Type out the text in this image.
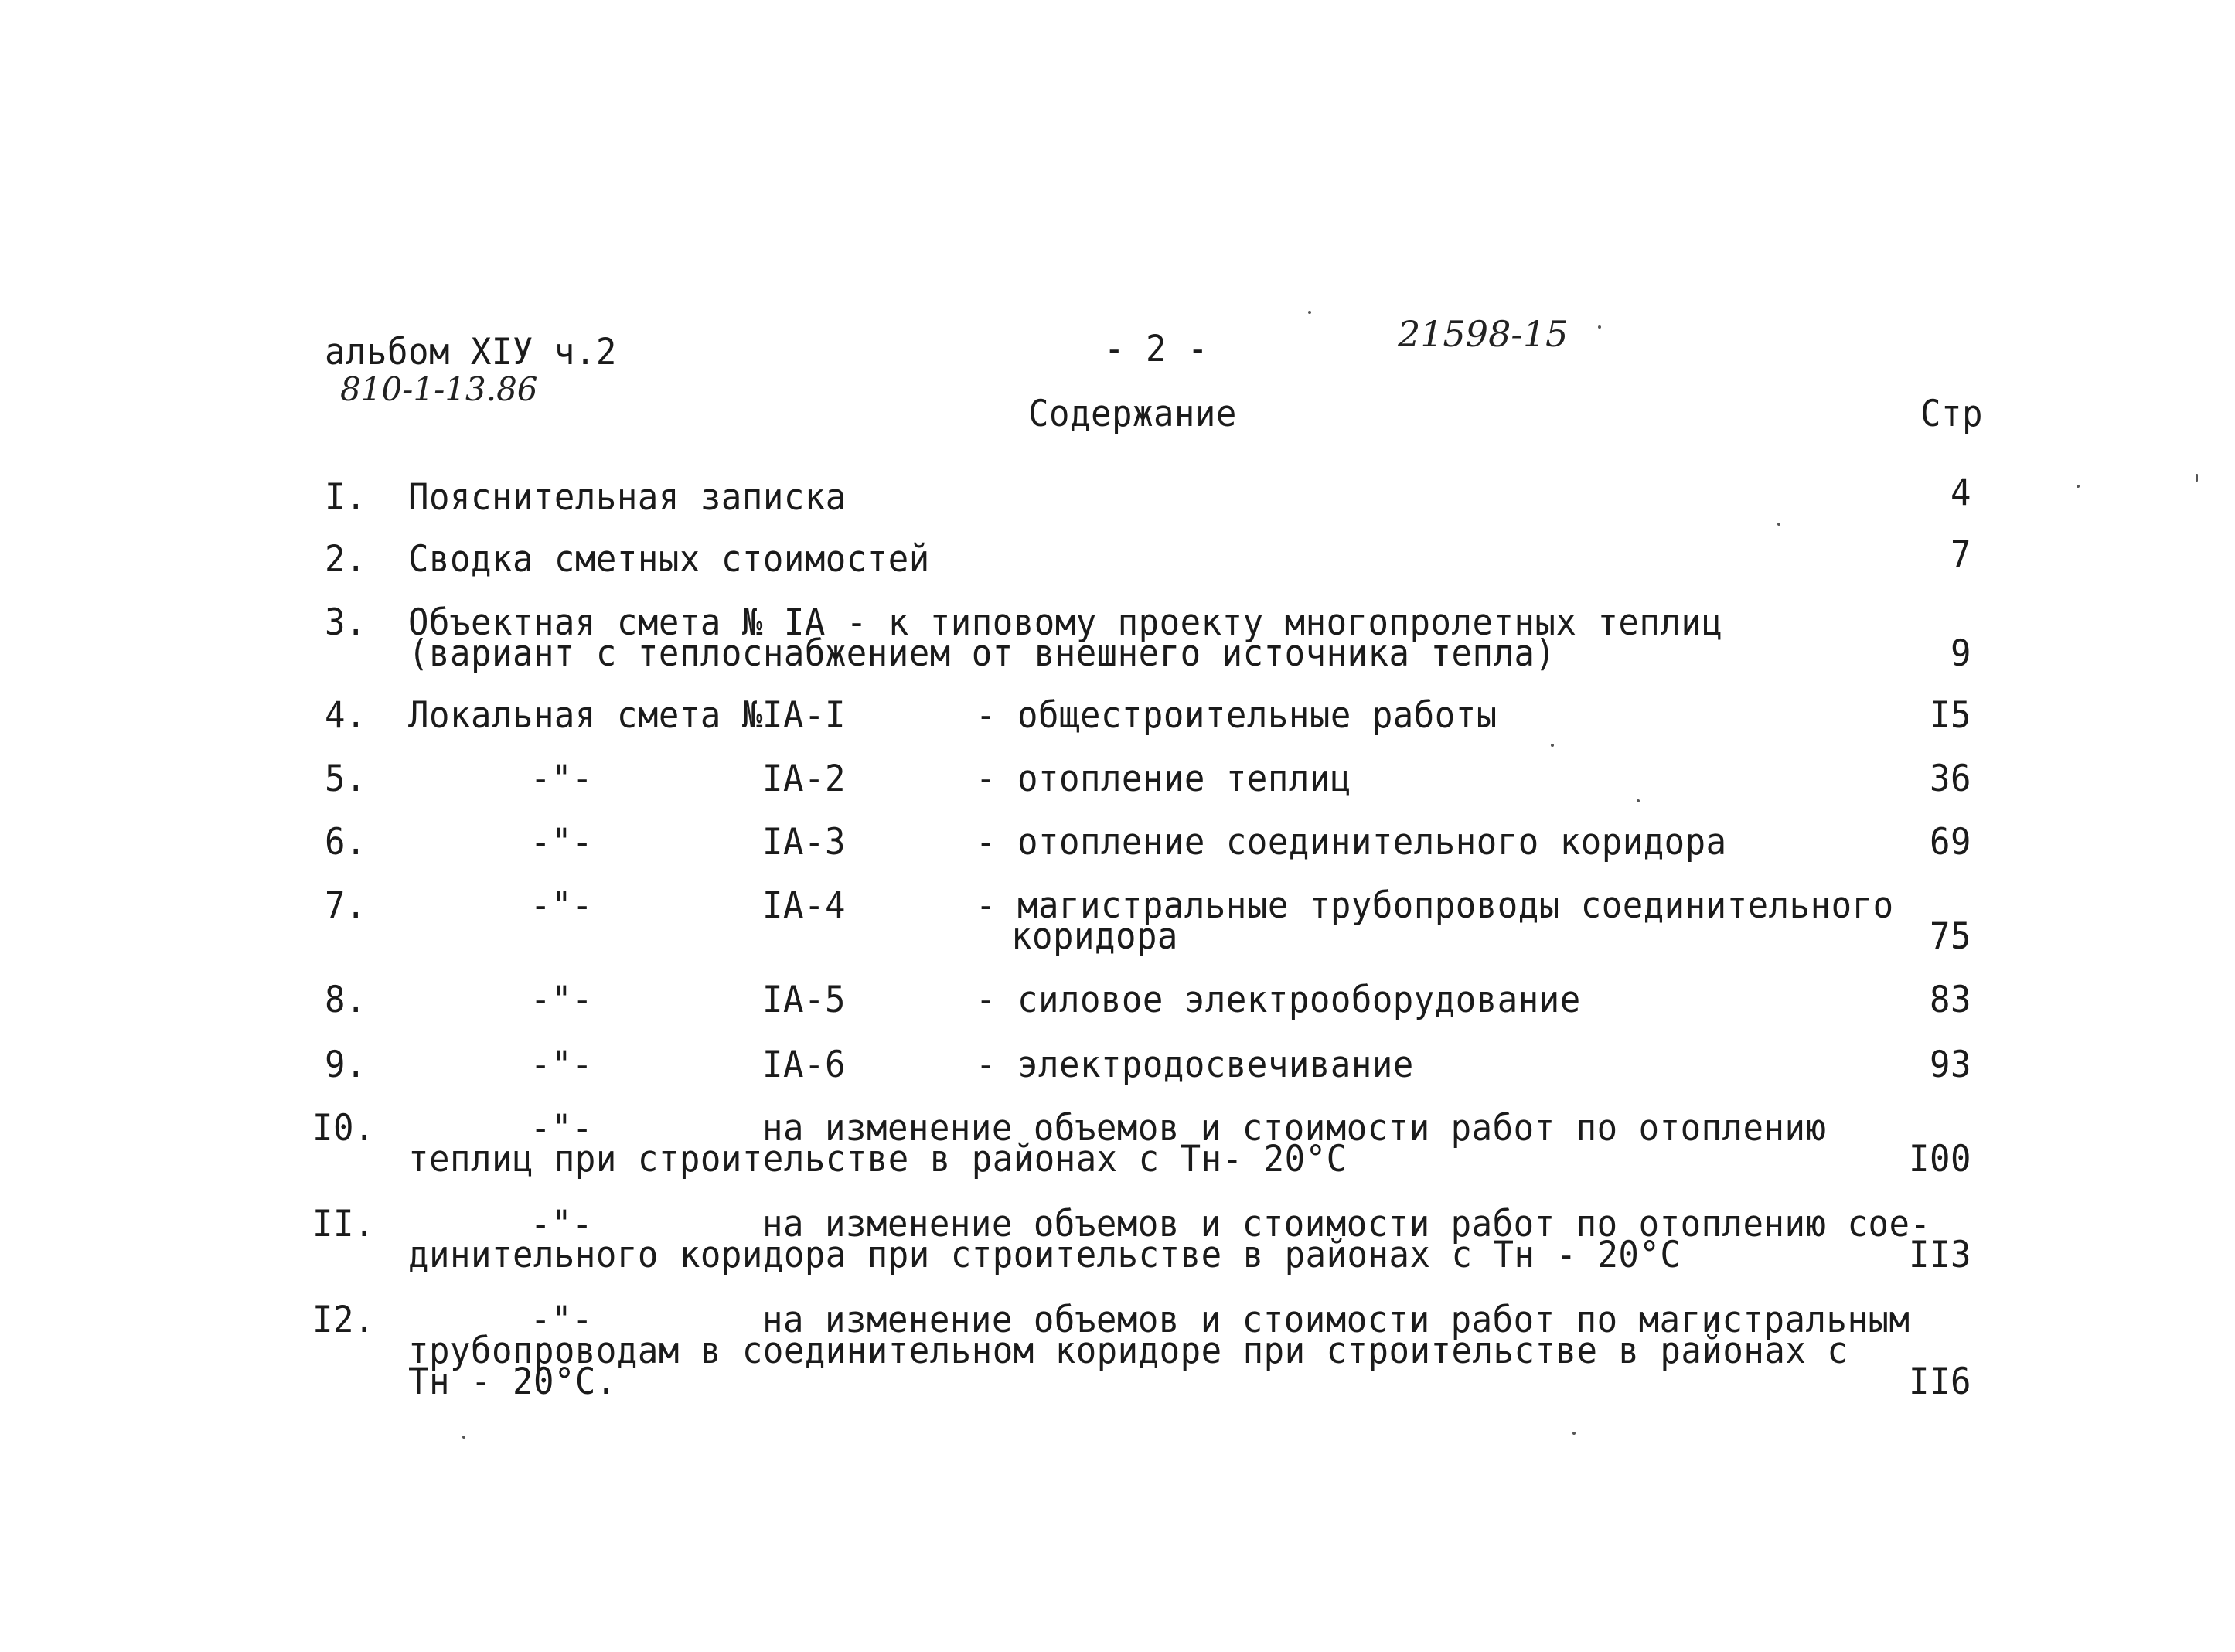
альбом XIУ ч.2
810-1-13.86
- 2 -	21598-15
Содержание	Стр
I. Пояснительная записка	4
2. Сводка сметных стоимостей	7
3. Объектная смета № IА - к типовому проекту многопролетных теплиц
(вариант с теплоснабжением от внешнего источника тепла)	9
4. Локальная смета № IА-I	- общестроительные работы	I5
5.	-"-	IА-2	- отопление теплиц	36
6.	-"-	IА-3	- отопление соединительного коридора	69
7.	-"-	IА-4	- магистральные трубопроводы соединительного
коридора	75
8.	-"-	IА-5	- силовое электрооборудование	83
9.	-"-	IА-6	- электродосвечивание	93
I0.	-"-	на изменение объемов и стоимости работ по отоплению
теплиц при строительстве в районах с Тн- 20°С	I00
II.	-"-	на изменение объемов и стоимости работ по отоплению сое-
динительного коридора при строительстве в районах с Тн - 20°С	II3
I2.	-"-	на изменение объемов и стоимости работ по магистральным
трубопроводам в соединительном коридоре при строительстве в районах с
Тн - 20°С.	II6
